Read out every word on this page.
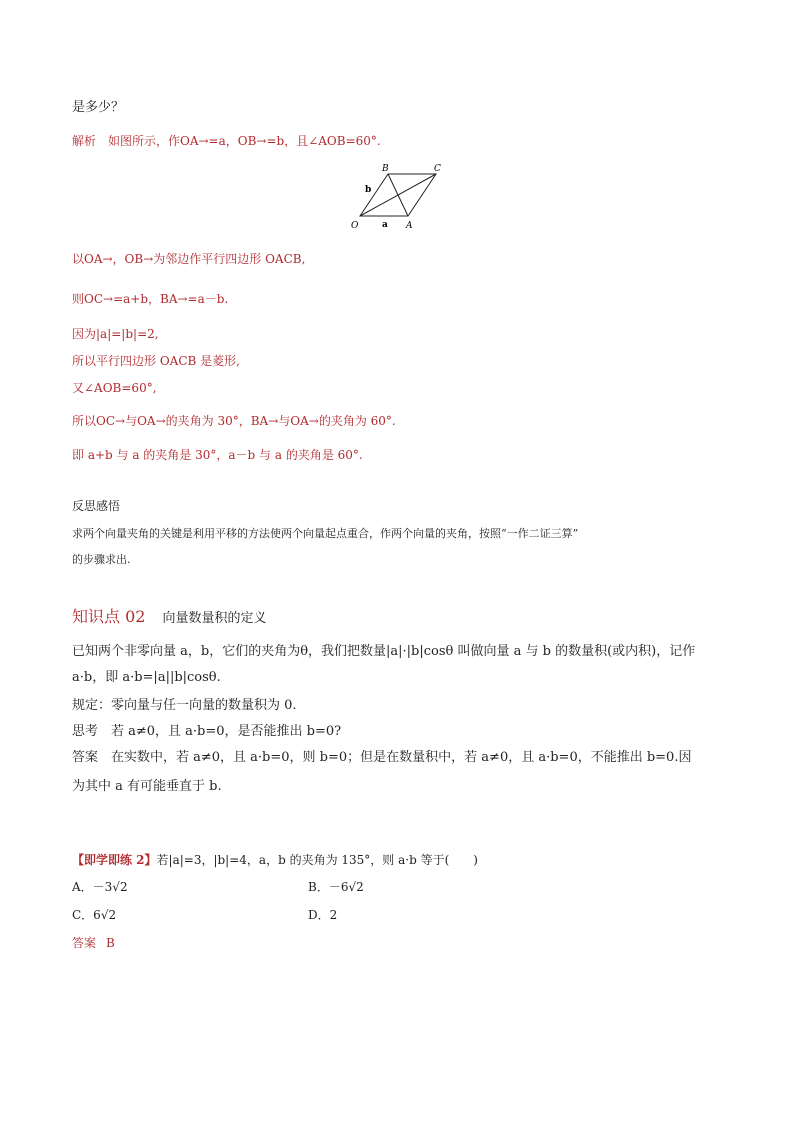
是多少？
解析　如图所示，作OA→=a，OB→=b，且∠AOB=60°.
O	A
B	C
a
b
以OA→，OB→为邻边作平行四边形 OACB,
则OC→=a+b，BA→=a－b.
因为|a|=|b|=2,
所以平行四边形 OACB 是菱形,
又∠AOB=60°,
所以OC→与OA→的夹角为 30°，BA→与OA→的夹角为 60°.
即 a+b 与 a 的夹角是 30°，a－b 与 a 的夹角是 60°.
反思感悟
求两个向量夹角的关键是利用平移的方法使两个向量起点重合，作两个向量的夹角，按照“一作二证三算”
的步骤求出.
知识点 02 向量数量积的定义
已知两个非零向量 a，b，它们的夹角为θ，我们把数量|a|·|b|cosθ 叫做向量 a 与 b 的数量积(或内积)，记作
a·b，即 a·b=|a||b|cosθ.
规定：零向量与任一向量的数量积为 0.
思考　若 a≠0，且 a·b=0，是否能推出 b=0?
答案　在实数中，若 a≠0，且 a·b=0，则 b=0；但是在数量积中，若 a≠0，且 a·b=0，不能推出 b=0.因
为其中 a 有可能垂直于 b.
【即学即练 2】若|a|=3，|b|=4，a，b 的夹角为 135°，则 a·b 等于(　　)
A．－3√2	B．－6√2
C．6√2	D．2
答案 B
